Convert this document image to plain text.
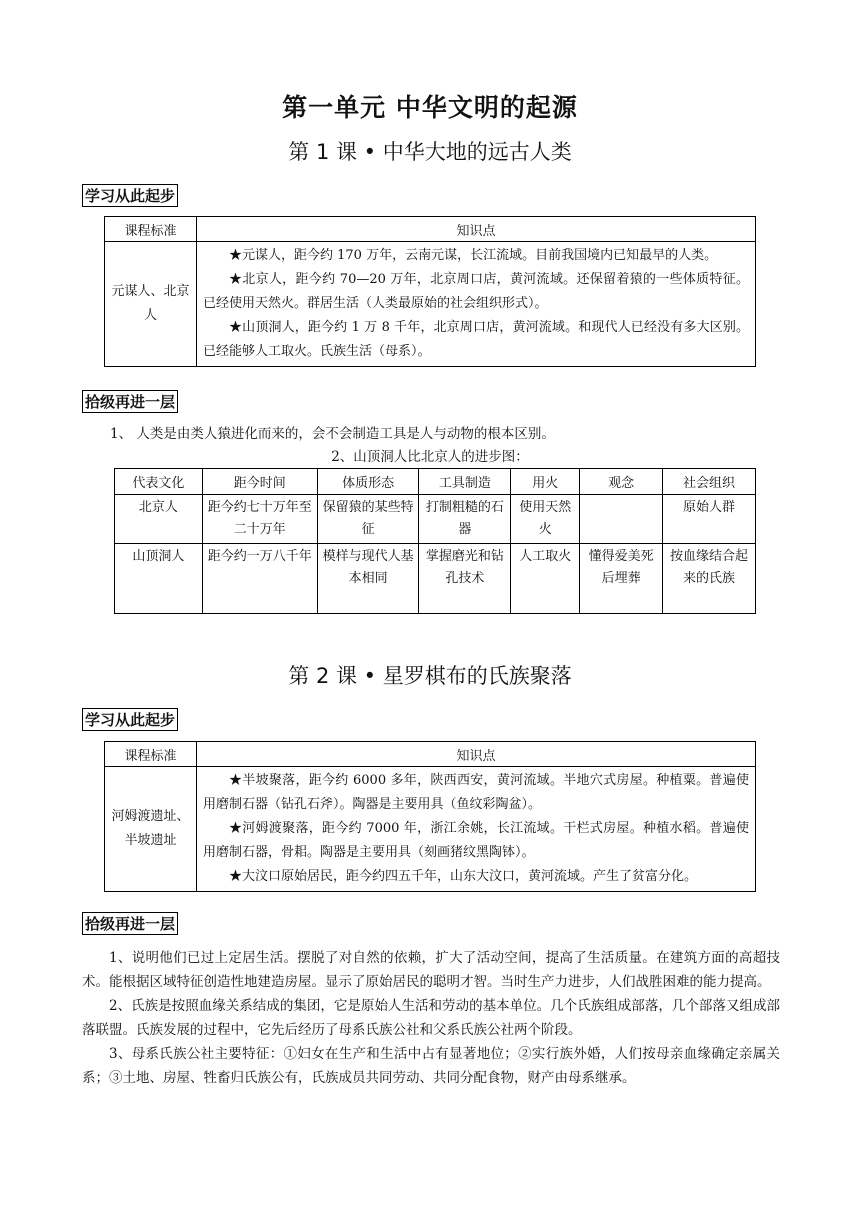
第一单元 中华文明的起源
第 1 课 • 中华大地的远古人类
学习从此起步
课程标准	知识点
元谋人、北京人	★元谋人，距今约 170 万年，云南元谋，长江流域。目前我国境内已知最早的人类。

★北京人，距今约 70—20 万年，北京周口店，黄河流域。还保留着猿的一些体质特征。已经使用天然火。群居生活（人类最原始的社会组织形式）。

★山顶洞人，距今约 1 万 8 千年，北京周口店，黄河流域。和现代人已经没有多大区别。已经能够人工取火。氏族生活（母系）。

拾级再进一层
1、 人类是由类人猿进化而来的，会不会制造工具是人与动物的根本区别。
2、山顶洞人比北京人的进步图：
代表文化	距今时间	体质形态	工具制造	用火	观念	社会组织
北京人	距今约七十万年至二十万年	保留猿的某些特征	打制粗糙的石器	使用天然火		原始人群
山顶洞人	距今约一万八千年	模样与现代人基本相同	掌握磨光和钻孔技术	人工取火	懂得爱美死后埋葬	按血缘结合起来的氏族
第 2 课 • 星罗棋布的氏族聚落
学习从此起步
课程标准	知识点
河姆渡遗址、半坡遗址	★半坡聚落，距今约 6000 多年，陕西西安，黄河流域。半地穴式房屋。种植粟。普遍使用磨制石器（钻孔石斧）。陶器是主要用具（鱼纹彩陶盆）。

★河姆渡聚落，距今约 7000 年，浙江余姚，长江流域。干栏式房屋。种植水稻。普遍使用磨制石器，骨耜。陶器是主要用具（刻画猪纹黑陶钵）。

★大汶口原始居民，距今约四五千年，山东大汶口，黄河流域。产生了贫富分化。

拾级再进一层

1、说明他们已过上定居生活。摆脱了对自然的依赖，扩大了活动空间，提高了生活质量。在建筑方面的高超技术。能根据区域特征创造性地建造房屋。显示了原始居民的聪明才智。当时生产力进步，人们战胜困难的能力提高。

2、氏族是按照血缘关系结成的集团，它是原始人生活和劳动的基本单位。几个氏族组成部落，几个部落又组成部落联盟。氏族发展的过程中，它先后经历了母系氏族公社和父系氏族公社两个阶段。

3、母系氏族公社主要特征：①妇女在生产和生活中占有显著地位；②实行族外婚，人们按母亲血缘确定亲属关系；③土地、房屋、牲畜归氏族公有，氏族成员共同劳动、共同分配食物，财产由母系继承。
